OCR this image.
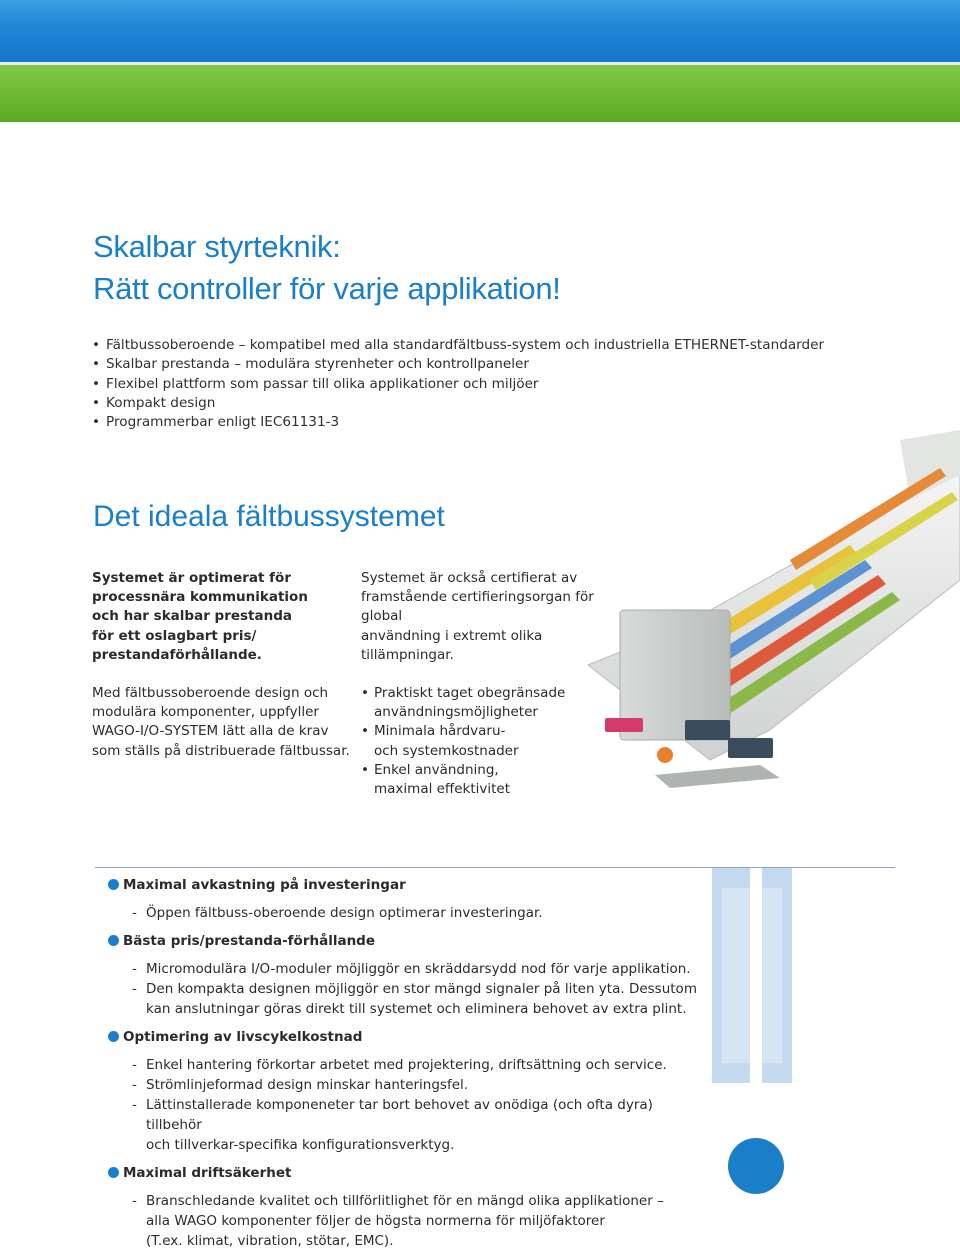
Skalbar styrteknik:
Rätt controller för varje applikation!
• Fältbussoberoende – kompatibel med alla standardfältbuss-system och industriella ETHERNET-standarder
• Skalbar prestanda – modulära styrenheter och kontrollpaneler
• Flexibel plattform som passar till olika applikationer och miljöer
• Kompakt design
• Programmerbar enligt IEC61131-3
Det ideala fältbussystemet

Systemet är optimerat för
processnära kommunikation
och har skalbar prestanda
för ett oslagbart pris/
prestandaförhållande.

Med fältbussoberoende design och
modulära komponenter, uppfyller
WAGO-I/O-SYSTEM lätt alla de krav
som ställs på distribuerade fältbussar.

Systemet är också certifierat av
framstående certifieringsorgan för global
användning i extremt olika tillämpningar.

• Praktiskt taget obegränsade
användningsmöjligheter
• Minimala hårdvaru-
och systemkostnader
• Enkel användning,
maximal effektivitet
Maximal avkastning på investeringar
- Öppen fältbuss-oberoende design optimerar investeringar.
Bästa pris/prestanda-förhållande
- Micromodulära I/O-moduler möjliggör en skräddarsydd nod för varje applikation.
- Den kompakta designen möjliggör en stor mängd signaler på liten yta. Dessutom
kan anslutningar göras direkt till systemet och eliminera behovet av extra plint.
Optimering av livscykelkostnad
- Enkel hantering förkortar arbetet med projektering, driftsättning och service.
- Strömlinjeformad design minskar hanteringsfel.
- Lättinstallerade komponeneter tar bort behovet av onödiga (och ofta dyra) tillbehör
och tillverkar-specifika konfigurationsverktyg.
Maximal driftsäkerhet
- Branschledande kvalitet och tillförlitlighet för en mängd olika applikationer –
alla WAGO komponenter följer de högsta normerna för miljöfaktorer
(T.ex. klimat, vibration, stötar, EMC).
